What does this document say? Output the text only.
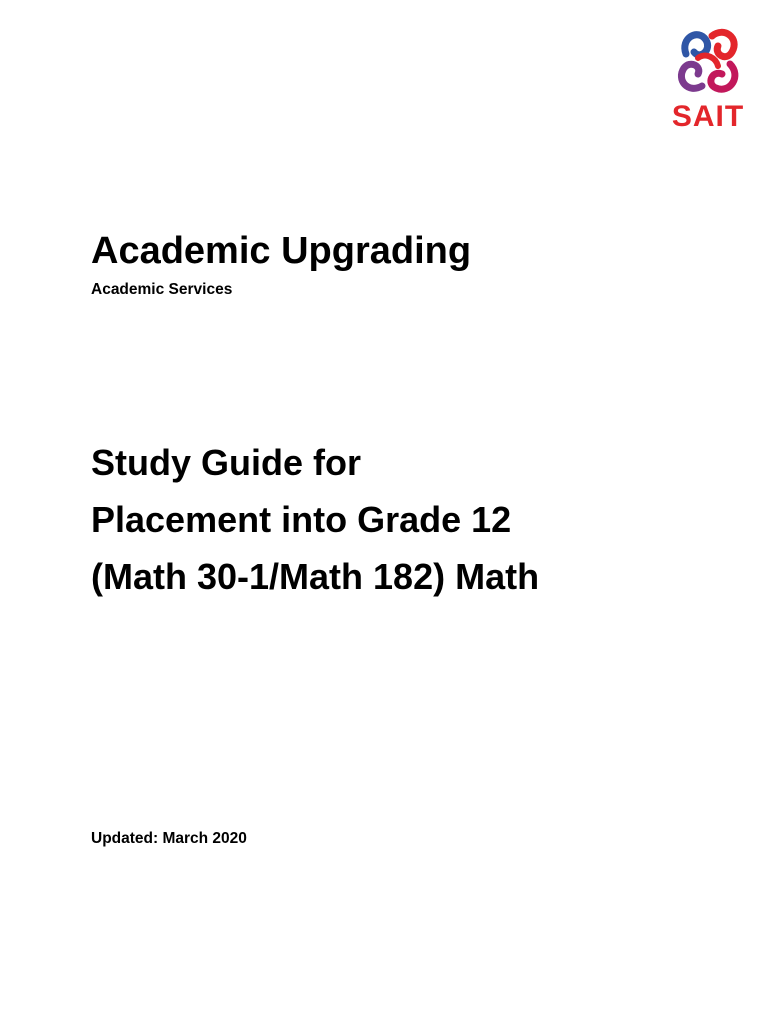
SAIT
Academic Upgrading

Academic Services

Study Guide for
Placement into Grade 12
(Math 30-1/Math 182) Math

Updated: March 2020
